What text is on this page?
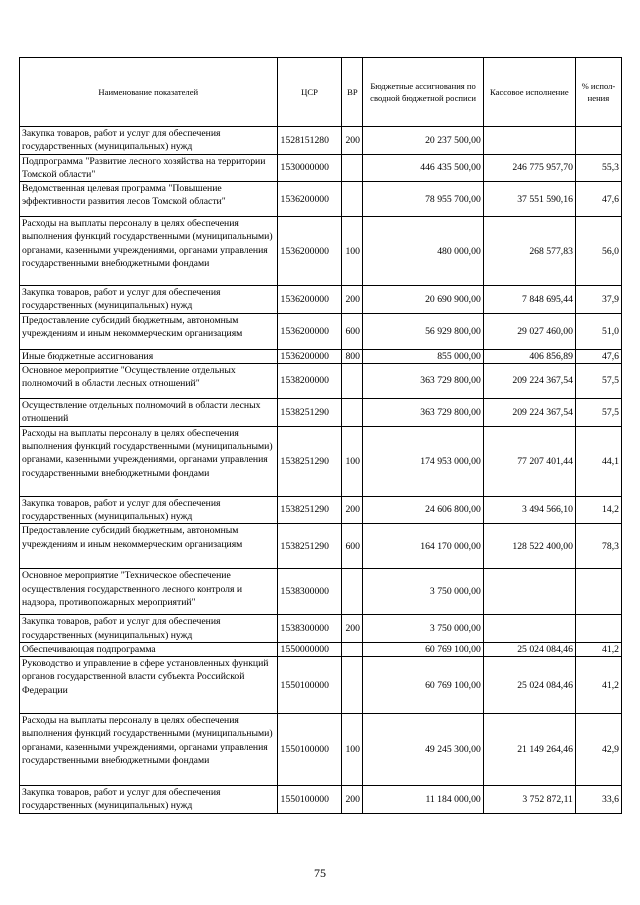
Наименование показателей	ЦСР	ВР	Бюджетные ассигнования по сводной бюджетной росписи	Кассовое исполнение	% испол-нения
Закупка товаров, работ и услуг для обеспечения государственных (муниципальных) нужд	1528151280	200	20 237 500,00		
Подпрограмма "Развитие лесного хозяйства на территории Томской области"	1530000000		446 435 500,00	246 775 957,70	55,3
Ведомственная целевая программа "Повышение эффективности развития лесов Томской области"	1536200000		78 955 700,00	37 551 590,16	47,6
Расходы на выплаты персоналу в целях обеспечения выполнения функций государственными (муниципальными) органами, казенными учреждениями, органами управления государственными внебюджетными фондами	1536200000	100	480 000,00	268 577,83	56,0
Закупка товаров, работ и услуг для обеспечения государственных (муниципальных) нужд	1536200000	200	20 690 900,00	7 848 695,44	37,9
Предоставление субсидий бюджетным, автономным учреждениям и иным некоммерческим организациям	1536200000	600	56 929 800,00	29 027 460,00	51,0
Иные бюджетные ассигнования	1536200000	800	855 000,00	406 856,89	47,6
Основное мероприятие "Осуществление отдельных полномочий в области лесных отношений"	1538200000		363 729 800,00	209 224 367,54	57,5
Осуществление отдельных полномочий в области лесных отношений	1538251290		363 729 800,00	209 224 367,54	57,5
Расходы на выплаты персоналу в целях обеспечения выполнения функций государственными (муниципальными) органами, казенными учреждениями, органами управления государственными внебюджетными фондами	1538251290	100	174 953 000,00	77 207 401,44	44,1
Закупка товаров, работ и услуг для обеспечения государственных (муниципальных) нужд	1538251290	200	24 606 800,00	3 494 566,10	14,2
Предоставление субсидий бюджетным, автономным учреждениям и иным некоммерческим организациям	1538251290	600	164 170 000,00	128 522 400,00	78,3
Основное мероприятие "Техническое обеспечение осуществления государственного лесного контроля и надзора, противопожарных мероприятий"	1538300000		3 750 000,00		
Закупка товаров, работ и услуг для обеспечения государственных (муниципальных) нужд	1538300000	200	3 750 000,00		
Обеспечивающая подпрограмма	1550000000		60 769 100,00	25 024 084,46	41,2
Руководство и управление в сфере установленных функций органов государственной власти субъекта Российской Федерации	1550100000		60 769 100,00	25 024 084,46	41,2
Расходы на выплаты персоналу в целях обеспечения выполнения функций государственными (муниципальными) органами, казенными учреждениями, органами управления государственными внебюджетными фондами	1550100000	100	49 245 300,00	21 149 264,46	42,9
Закупка товаров, работ и услуг для обеспечения государственных (муниципальных) нужд	1550100000	200	11 184 000,00	3 752 872,11	33,6
75
